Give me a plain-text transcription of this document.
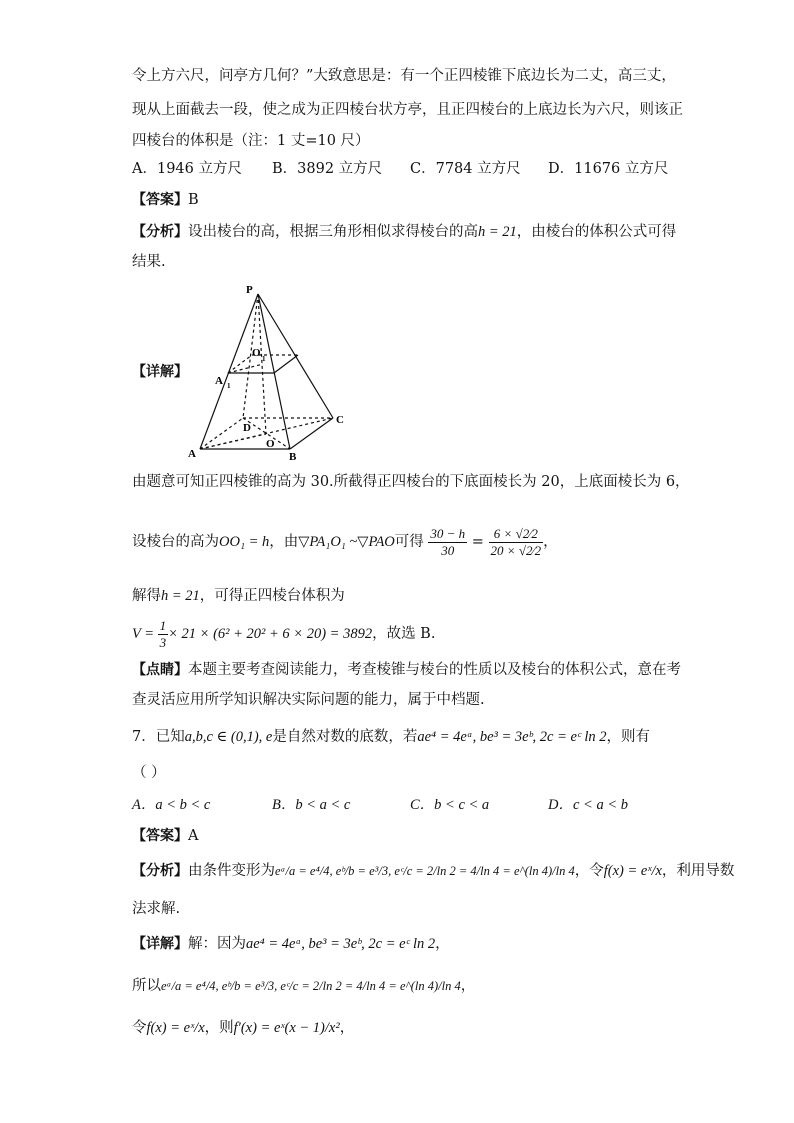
令上方六尺，问亭方几何？”大致意思是：有一个正四棱锥下底边长为二丈，高三丈，
现从上面截去一段，使之成为正四棱台状方亭，且正四棱台的上底边长为六尺，则该正
四棱台的体积是（注：1 丈=10 尺）
A．1946 立方尺 B．3892 立方尺 C．7784 立方尺 D．11676 立方尺
【答案】B
【分析】设出棱台的高，根据三角形相似求得棱台的高h = 21，由棱台的体积公式可得
结果.
【详解】
P
O 1
A 1
D
O
C
A	B
由题意可知正四棱锥的高为 30.所截得正四棱台的下底面棱长为 20，上底面棱长为 6，
设棱台的高为OO₁ = h，由▽PA₁O₁ ~▽PAO可得 $\frac{30 - h}{30} = \frac{6 \times √2⁄2}{20 \times √2⁄2}$ ，
解得h = 21，可得正四棱台体积为
$V = \frac{1}{3} \times 21 \times (6^2 + 20^2 + 6 \times 20) = 3892$，故选 B.
【点睛】本题主要考查阅读能力，考查棱锥与棱台的性质以及棱台的体积公式，意在考
查灵活应用所学知识解决实际问题的能力，属于中档题.
7．已知a,b,c ∈ (0,1), e是自然对数的底数，若ae⁴ = 4eᵃ, be³ = 3eᵇ, 2c = eᶜ ln 2，则有
（ ）
A．a < b < c	B．b < a < c	C．b < c < a	D．c < a < b
【答案】A
【分析】由条件变形为eᵃ/a = e⁴/4, eᵇ/b = e³/3, eᶜ/c = 2/ln 2 = 4/ln 4 = e^(ln 4)/ln 4，令f(x) = eˣ/x，利用导数
法求解.
【详解】解：因为ae⁴ = 4eᵃ, be³ = 3eᵇ, 2c = eᶜ ln 2，
所以eᵃ/a = e⁴/4, eᵇ/b = e³/3, eᶜ/c = 2/ln 2 = 4/ln 4 = e^(ln 4)/ln 4，
令f(x) = eˣ/x，则f′(x) = eˣ(x − 1)/x²，
